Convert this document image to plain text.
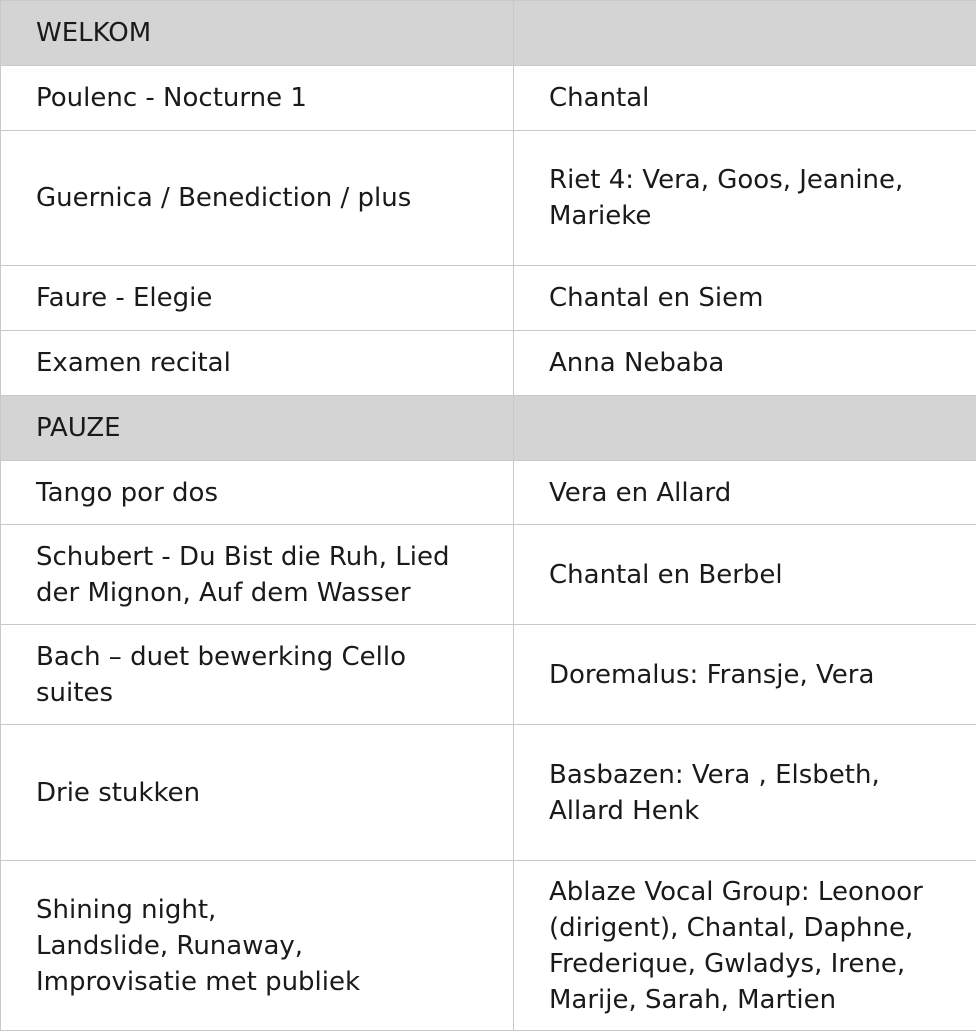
WELKOM	

Poulenc - Nocturne 1	Chantal

Guernica / Benediction / plus	Riet 4: Vera, Goos, Jeanine,
Marieke

Faure - Elegie	Chantal en Siem

Examen recital	Anna Nebaba

PAUZE	

Tango por dos	Vera en Allard

Schubert - Du Bist die Ruh, Lied
der Mignon, Auf dem Wasser	Chantal en Berbel

Bach – duet bewerking Cello
suites	Doremalus: Fransje, Vera

Drie stukken	Basbazen: Vera , Elsbeth,
Allard Henk

Shining night,
Landslide, Runaway,
Improvisatie met publiek	Ablaze Vocal Group: Leonoor
(dirigent), Chantal, Daphne,
Frederique, Gwladys, Irene,
Marije, Sarah, Martien
